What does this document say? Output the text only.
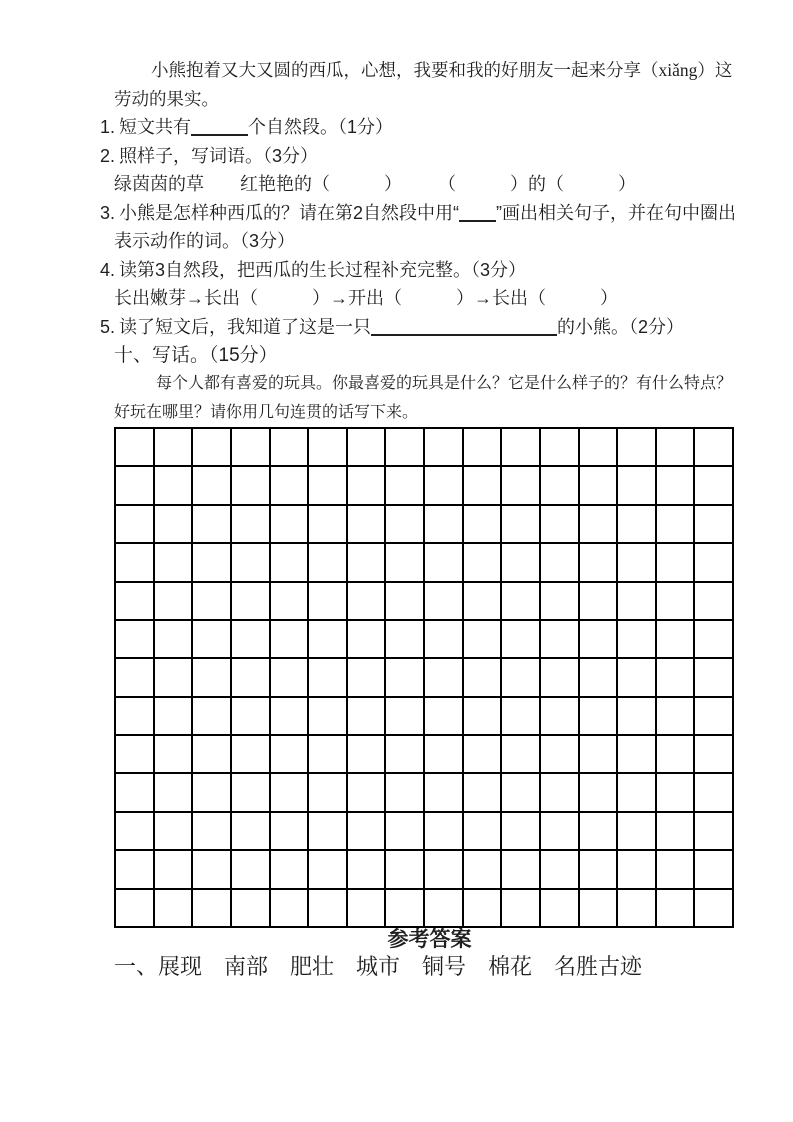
小熊抱着又大又圆的西瓜，心想，我要和我的好朋友一起来分享（xiǎng）这劳动的果实。

1. 短文共有	个自然段。（1分）
2. 照样子，写词语。（3分）
绿茵茵的草　　红艳艳的（　　　）　　　（　　　）的（　　　）
3. 小熊是怎样种西瓜的？请在第2自然段中用“ ”画出相关句子，并在句中圈出表示动作的词。（3分）
4. 读第3自然段，把西瓜的生长过程补充完整。（3分）
长出嫩芽→长出（　　　）→开出（　　　）→长出（　　　）
5. 读了短文后，我知道了这是一只	的小熊。（2分）
十、写话。（15分）

每个人都有喜爱的玩具。你最喜爱的玩具是什么？它是什么样子的？有什么特点？好玩在哪里？请你用几句连贯的话写下来。

参考答案
一、展现　南部　肥壮　城市　铜号　棉花　名胜古迹
